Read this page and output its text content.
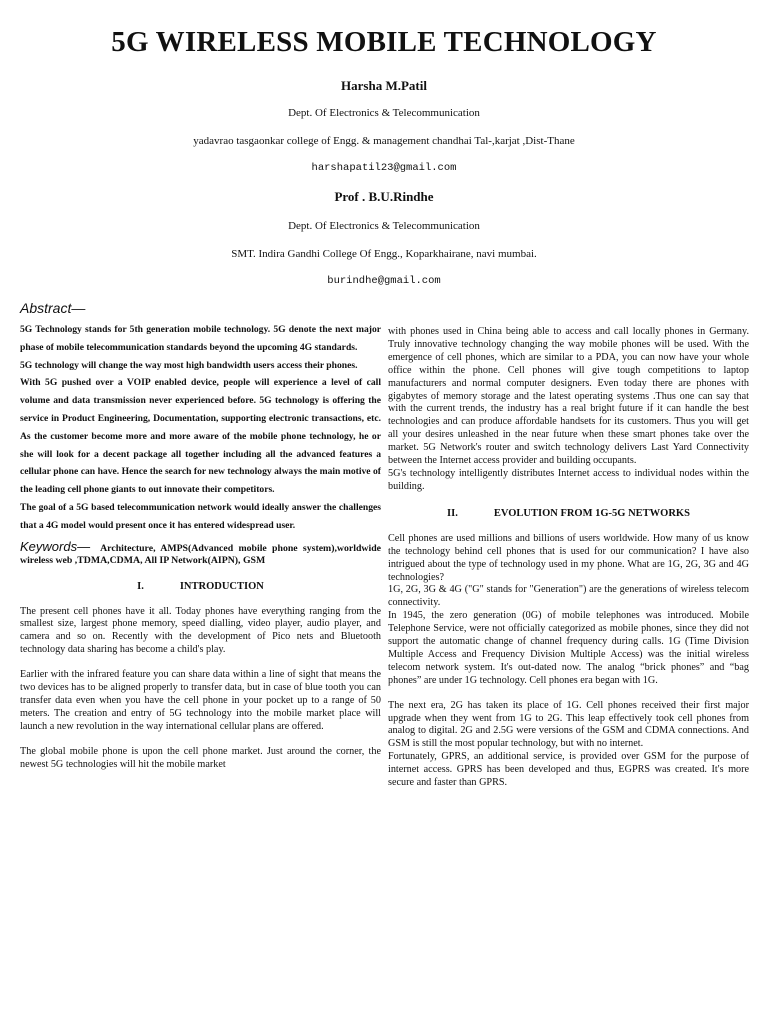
5G WIRELESS MOBILE TECHNOLOGY
Harsha M.Patil
Dept. Of Electronics & Telecommunication
yadavrao tasgaonkar college of Engg. & management chandhai Tal-,karjat ,Dist-Thane
harshapatil23@gmail.com
Prof . B.U.Rindhe
Dept. Of Electronics & Telecommunication
SMT. Indira Gandhi College Of Engg., Koparkhairane, navi mumbai.
burindhe@gmail.com
Abstract—

5G Technology stands for 5th generation mobile technology. 5G denote the next major phase of mobile telecommunication standards beyond the upcoming 4G standards.

5G technology will change the way most high bandwidth users access their phones.

With 5G pushed over a VOIP enabled device, people will experience a level of call volume and data transmission never experienced before. 5G technology is offering the service in Product Engineering, Documentation, supporting electronic transactions, etc. As the customer become more and more aware of the mobile phone technology, he or she will look for a decent package all together including all the advanced features a cellular phone can have. Hence the search for new technology always the main motive of the leading cell phone giants to out innovate their competitors.

The goal of a 5G based telecommunication network would ideally answer the challenges that a 4G model would present once it has entered widespread user.

Keywords— Architecture, AMPS(Advanced mobile phone system),worldwide wireless web ,TDMA,CDMA, All IP Network(AIPN), GSM

I.	INTRODUCTION

The present cell phones have it all. Today phones have everything ranging from the smallest size, largest phone memory, speed dialling, video player, audio player, and camera and so on. Recently with the development of Pico nets and Bluetooth technology data sharing has become a child's play.

Earlier with the infrared feature you can share data within a line of sight that means the two devices has to be aligned properly to transfer data, but in case of blue tooth you can transfer data even when you have the cell phone in your pocket up to a range of 50 meters. The creation and entry of 5G technology into the mobile market place will launch a new revolution in the way international cellular plans are offered.

The global mobile phone is upon the cell phone market. Just around the corner, the newest 5G technologies will hit the mobile market

with phones used in China being able to access and call locally phones in Germany. Truly innovative technology changing the way mobile phones will be used. With the emergence of cell phones, which are similar to a PDA, you can now have your whole office within the phone. Cell phones will give tough competitions to laptop manufacturers and normal computer designers. Even today there are phones with gigabytes of memory storage and the latest operating systems .Thus one can say that with the current trends, the industry has a real bright future if it can handle the best technologies and can produce affordable handsets for its customers. Thus you will get all your desires unleashed in the near future when these smart phones take over the market. 5G Network's router and switch technology delivers Last Yard Connectivity between the Internet access provider and building occupants.

5G's technology intelligently distributes Internet access to individual nodes within the building.

II.	EVOLUTION FROM 1G-5G NETWORKS

Cell phones are used millions and billions of users worldwide. How many of us know the technology behind cell phones that is used for our communication? I have also intrigued about the type of technology used in my phone. What are 1G, 2G, 3G and 4G technologies?

1G, 2G, 3G & 4G ("G" stands for "Generation") are the generations of wireless telecom connectivity.

In 1945, the zero generation (0G) of mobile telephones was introduced. Mobile Telephone Service, were not officially categorized as mobile phones, since they did not support the automatic change of channel frequency during calls. 1G (Time Division Multiple Access and Frequency Division Multiple Access) was the initial wireless telecom network system. It's out-dated now. The analog “brick phones” and “bag phones” are under 1G technology. Cell phones era began with 1G.

The next era, 2G has taken its place of 1G. Cell phones received their first major upgrade when they went from 1G to 2G. This leap effectively took cell phones from analog to digital. 2G and 2.5G were versions of the GSM and CDMA connections. And GSM is still the most popular technology, but with no internet.

Fortunately, GPRS, an additional service, is provided over GSM for the purpose of internet access. GPRS has been developed and thus, EGPRS was created. It's more secure and faster than GPRS.
